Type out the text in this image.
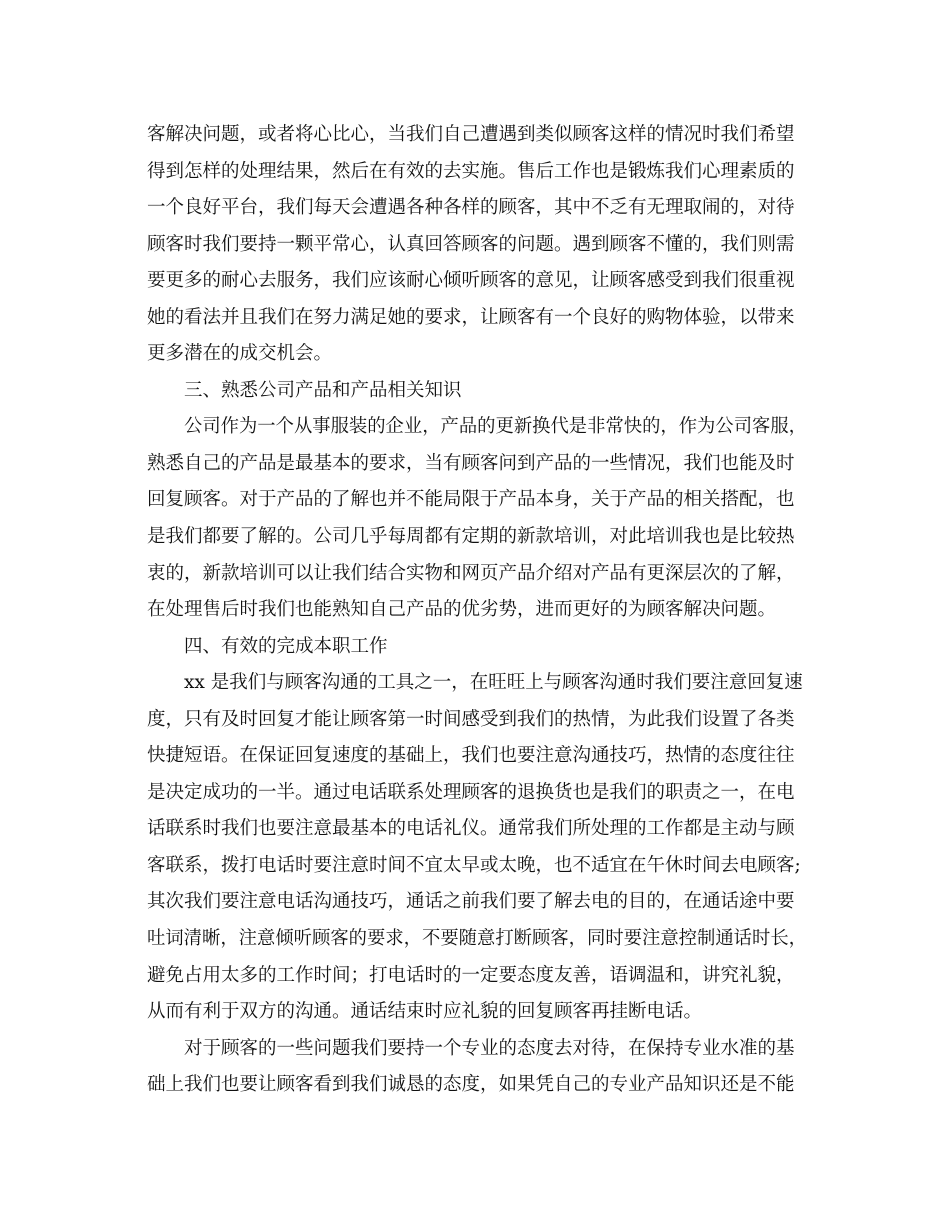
客解决问题，或者将心比心，当我们自己遭遇到类似顾客这样的情况时我们希望

得到怎样的处理结果，然后在有效的去实施。售后工作也是锻炼我们心理素质的

一个良好平台，我们每天会遭遇各种各样的顾客，其中不乏有无理取闹的，对待

顾客时我们要持一颗平常心，认真回答顾客的问题。遇到顾客不懂的，我们则需

要更多的耐心去服务，我们应该耐心倾听顾客的意见，让顾客感受到我们很重视

她的看法并且我们在努力满足她的要求，让顾客有一个良好的购物体验，以带来

更多潜在的成交机会。

三、熟悉公司产品和产品相关知识

公司作为一个从事服装的企业，产品的更新换代是非常快的，作为公司客服，

熟悉自己的产品是最基本的要求，当有顾客问到产品的一些情况，我们也能及时

回复顾客。对于产品的了解也并不能局限于产品本身，关于产品的相关搭配，也

是我们都要了解的。公司几乎每周都有定期的新款培训，对此培训我也是比较热

衷的，新款培训可以让我们结合实物和网页产品介绍对产品有更深层次的了解，

在处理售后时我们也能熟知自己产品的优劣势，进而更好的为顾客解决问题。

四、有效的完成本职工作

xx 是我们与顾客沟通的工具之一，在旺旺上与顾客沟通时我们要注意回复速

度，只有及时回复才能让顾客第一时间感受到我们的热情，为此我们设置了各类

快捷短语。在保证回复速度的基础上，我们也要注意沟通技巧，热情的态度往往

是决定成功的一半。通过电话联系处理顾客的退换货也是我们的职责之一，在电

话联系时我们也要注意最基本的电话礼仪。通常我们所处理的工作都是主动与顾

客联系，拨打电话时要注意时间不宜太早或太晚，也不适宜在午休时间去电顾客;

其次我们要注意电话沟通技巧，通话之前我们要了解去电的目的，在通话途中要

吐词清晰，注意倾听顾客的要求，不要随意打断顾客，同时要注意控制通话时长，

避免占用太多的工作时间；打电话时的一定要态度友善，语调温和，讲究礼貌，

从而有利于双方的沟通。通话结束时应礼貌的回复顾客再挂断电话。

对于顾客的一些问题我们要持一个专业的态度去对待，在保持专业水准的基

础上我们也要让顾客看到我们诚恳的态度，如果凭自己的专业产品知识还是不能
